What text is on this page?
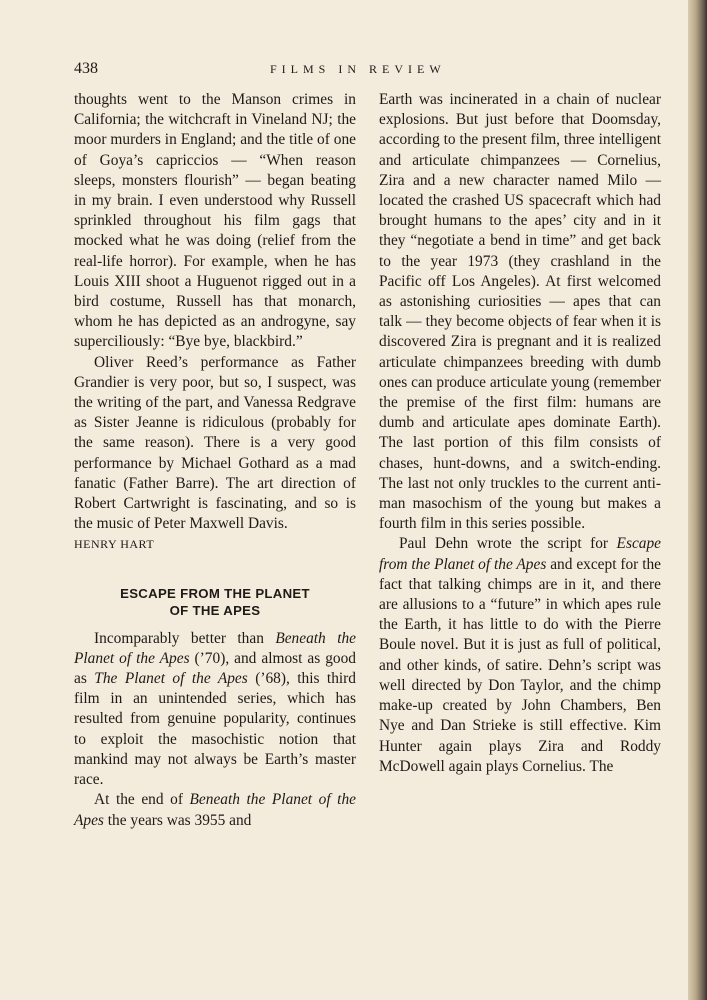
438	FILMS IN REVIEW

thoughts went to the Manson crimes in California; the witchcraft in Vineland NJ; the moor murders in England; and the title of one of Goya’s capriccios — “When reason sleeps, monsters flourish” — began beating in my brain. I even understood why Russell sprinkled throughout his film gags that mocked what he was doing (relief from the real-life horror). For example, when he has Louis XIII shoot a Huguenot rigged out in a bird costume, Russell has that monarch, whom he has depicted as an androgyne, say superciliously: “Bye bye, blackbird.”

Oliver Reed’s performance as Father Grandier is very poor, but so, I suspect, was the writing of the part, and Vanessa Redgrave as Sister Jeanne is ridiculous (probably for the same reason). There is a very good performance by Michael Gothard as a mad fanatic (Father Barre). The art direction of Robert Cartwright is fascinating, and so is the music of Peter Maxwell Davis.

HENRY HART

ESCAPE FROM THE PLANET
OF THE APES

Incomparably better than Beneath the Planet of the Apes (’70), and almost as good as The Planet of the Apes (’68), this third film in an unintended series, which has resulted from genuine popularity, continues to exploit the masochistic notion that mankind may not always be Earth’s master race.

At the end of Beneath the Planet of the Apes the years was 3955 and

Earth was incinerated in a chain of nuclear explosions. But just before that Doomsday, according to the present film, three intelligent and articulate chimpanzees — Cornelius, Zira and a new character named Milo — located the crashed US spacecraft which had brought humans to the apes’ city and in it they “negotiate a bend in time” and get back to the year 1973 (they crashland in the Pacific off Los Angeles). At first welcomed as astonishing curiosities — apes that can talk — they become objects of fear when it is discovered Zira is pregnant and it is realized articulate chimpanzees breeding with dumb ones can produce articulate young (remember the premise of the first film: humans are dumb and articulate apes dominate Earth). The last portion of this film consists of chases, hunt-downs, and a switch-ending. The last not only truckles to the current anti-man masochism of the young but makes a fourth film in this series possible.

Paul Dehn wrote the script for Escape from the Planet of the Apes and except for the fact that talking chimps are in it, and there are allusions to a “future” in which apes rule the Earth, it has little to do with the Pierre Boule novel. But it is just as full of political, and other kinds, of satire. Dehn’s script was well directed by Don Taylor, and the chimp make-up created by John Chambers, Ben Nye and Dan Strieke is still effective. Kim Hunter again plays Zira and Roddy McDowell again plays Cornelius. The
